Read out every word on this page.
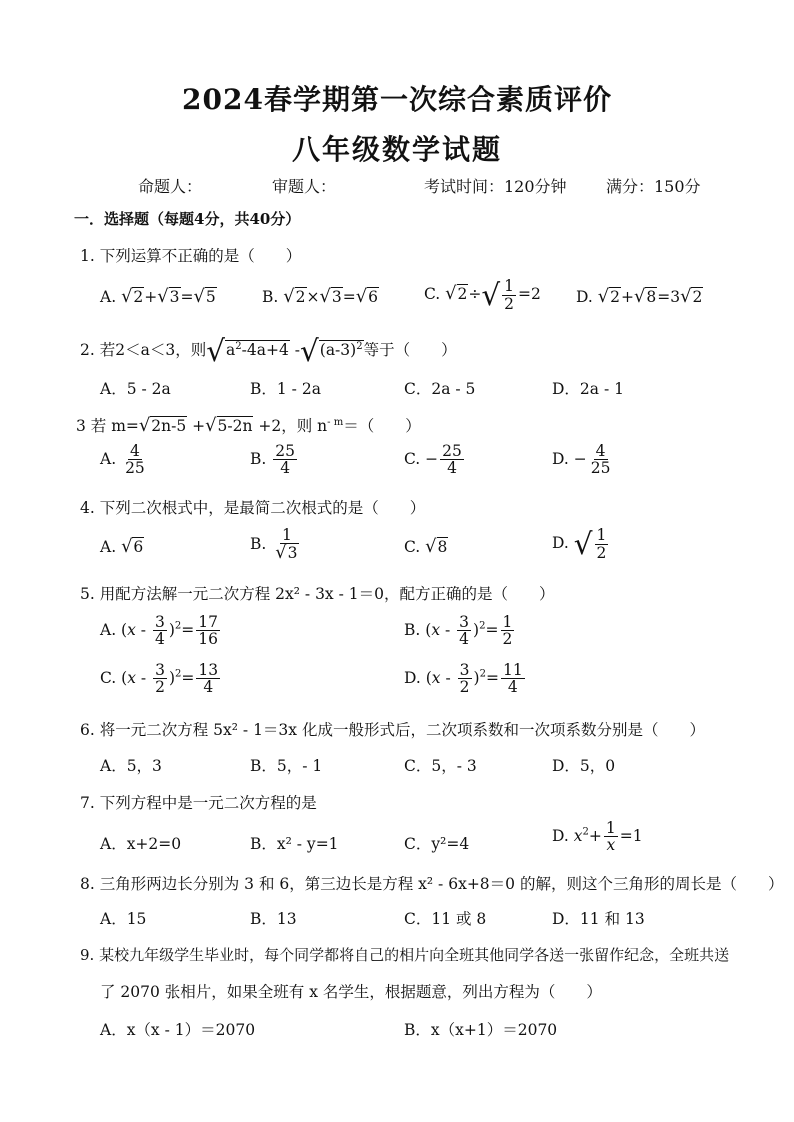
2024春学期第一次综合素质评价
八年级数学试题
命题人：	审题人：	考试时间：120分钟 满分：150分
一．选择题（每题4分，共40分）
1. 下列运算不正确的是（　　）
A. √2+√3=√5	B. √2×√3=√6	C. $√2\div√ \frac{1}{2} =2$ D. √2+√8=3√2
2. 若2＜a＜3，则$√a^2-4a+4$ $-√(a-3)^2$等于（　　）
A．5 - 2a	B．1 - 2a	C．2a - 5	D．2a - 1
3 若 m=√2n-5 +√5-2n +2，则 $n^{- m}=$（　　）
A. $\frac{4}{25}$	B. $\frac{25}{4}$	C. − $\frac{25}{4}$	D. − $\frac{4}{25}$
4. 下列二次根式中，是最简二次根式的是（　　）
A. √6	B. $\frac{1}{√3}$	C. √8	D. √ $\frac{1}{2}$
5. 用配方法解一元二次方程 2x² - 3x - 1＝0，配方正确的是（　　）
A. $(x - \frac{3}{4} )^2= \frac{17}{16}$	B. $(x - \frac{3}{4} )^2= \frac{1}{2}$
C. $(x - \frac{3}{2} )^2= \frac{13}{4}$	D. $(x - \frac{3}{2} )^2= \frac{11}{4}$
6. 将一元二次方程 5x² - 1＝3x 化成一般形式后，二次项系数和一次项系数分别是（　　）
A．5，3	B．5，- 1	C．5，- 3	D．5，0
7. 下列方程中是一元二次方程的是
A．x+2=0	B．x² - y=1	C．y²=4	D. $x^2+ \frac{1}{x} =1$
8. 三角形两边长分别为 3 和 6，第三边长是方程 x² - 6x+8＝0 的解，则这个三角形的周长是（　　）
A．15	B．13	C．11 或 8	D．11 和 13
9. 某校九年级学生毕业时，每个同学都将自己的相片向全班其他同学各送一张留作纪念，全班共送
了 2070 张相片，如果全班有 x 名学生，根据题意，列出方程为（　　）
A．x（x - 1）＝2070	B．x（x+1）＝2070
